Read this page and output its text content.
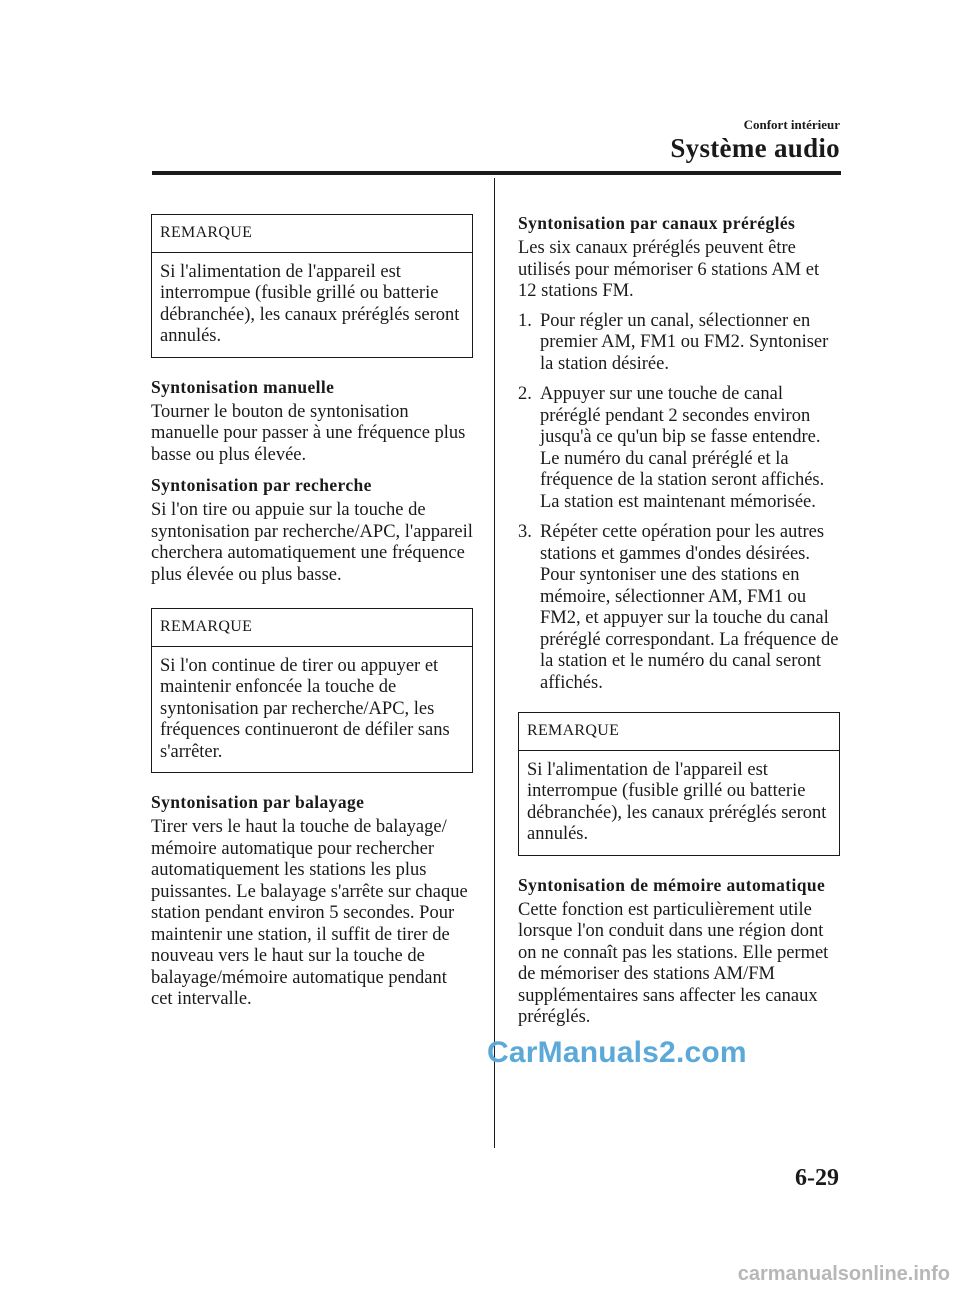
Confort intérieur
Système audio
REMARQUE
Si l'alimentation de l'appareil est interrompue (fusible grillé ou batterie débranchée), les canaux préréglés seront annulés.
Syntonisation manuelle

Tourner le bouton de syntonisation manuelle pour passer à une fréquence plus basse ou plus élevée.

Syntonisation par recherche

Si l'on tire ou appuie sur la touche de syntonisation par recherche/APC, l'appareil cherchera automatiquement une fréquence plus élevée ou plus basse.

REMARQUE
Si l'on continue de tirer ou appuyer et maintenir enfoncée la touche de syntonisation par recherche/APC, les fréquences continueront de défiler sans s'arrêter.
Syntonisation par balayage

Tirer vers le haut la touche de balayage/ mémoire automatique pour rechercher automatiquement les stations les plus puissantes. Le balayage s'arrête sur chaque station pendant environ 5 secondes. Pour maintenir une station, il suffit de tirer de nouveau vers le haut sur la touche de balayage/mémoire automatique pendant cet intervalle.

Syntonisation par canaux préréglés

Les six canaux préréglés peuvent être utilisés pour mémoriser 6 stations AM et 12 stations FM.

1. Pour régler un canal, sélectionner en premier AM, FM1 ou FM2. Syntoniser la station désirée.
2. Appuyer sur une touche de canal préréglé pendant 2 secondes environ jusqu'à ce qu'un bip se fasse entendre. Le numéro du canal préréglé et la fréquence de la station seront affichés. La station est maintenant mémorisée.
3. Répéter cette opération pour les autres stations et gammes d'ondes désirées. Pour syntoniser une des stations en mémoire, sélectionner AM, FM1 ou FM2, et appuyer sur la touche du canal préréglé correspondant. La fréquence de la station et le numéro du canal seront affichés.
REMARQUE
Si l'alimentation de l'appareil est interrompue (fusible grillé ou batterie débranchée), les canaux préréglés seront annulés.
Syntonisation de mémoire automatique

Cette fonction est particulièrement utile lorsque l'on conduit dans une région dont on ne connaît pas les stations. Elle permet de mémoriser des stations AM/FM supplémentaires sans affecter les canaux préréglés.

CarManuals2.com
6-29
carmanualsonline.info
